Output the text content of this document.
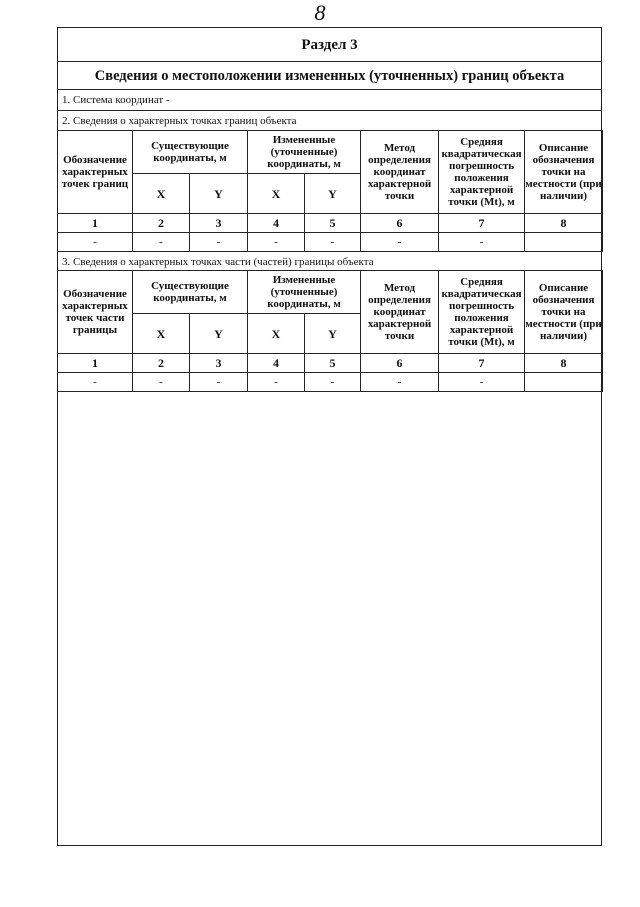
8
Раздел 3
Сведения о местоположении измененных (уточненных) границ объекта
1. Система координат -
2. Сведения о характерных точках границ объекта
Обозначение характерных точек границ	Существующие координаты, м		Измененные (уточненные) координаты, м		Метод определения координат характерной точки	Средняя квадратическая погрешность положения характерной точки (Mt), м	Описание обозначения точки на местности (при наличии)
	X	Y	X	Y			
1	2	3	4	5	6	7	8
-	-	-	-	-	-	-	
3. Сведения о характерных точках части (частей) границы объекта
Обозначение характерных точек части границы	Существующие координаты, м		Измененные (уточненные) координаты, м		Метод определения координат характерной точки	Средняя квадратическая погрешность положения характерной точки (Mt), м	Описание обозначения точки на местности (при наличии)
	X	Y	X	Y			
1	2	3	4	5	6	7	8
-	-	-	-	-	-	-	
